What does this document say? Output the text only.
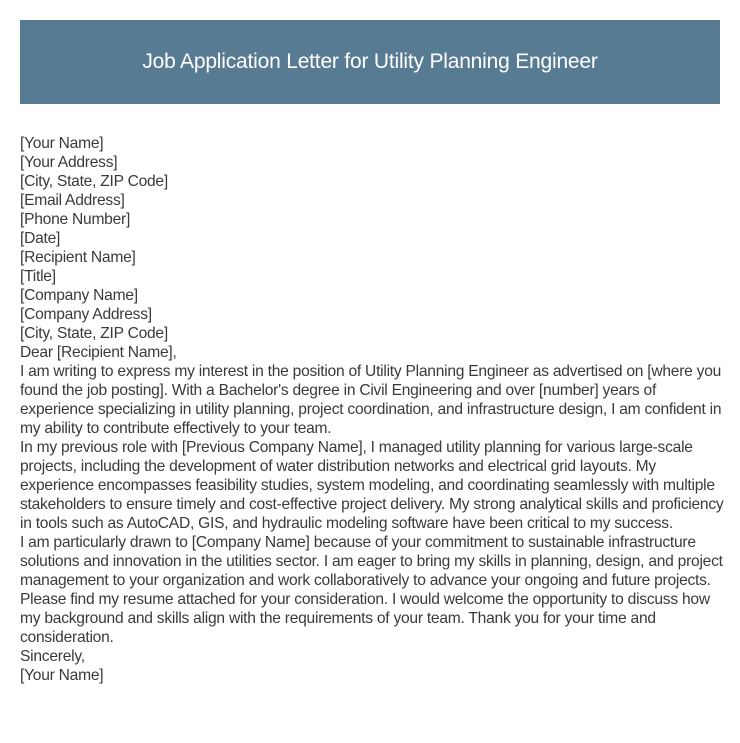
Job Application Letter for Utility Planning Engineer
[Your Name]
[Your Address]
[City, State, ZIP Code]
[Email Address]
[Phone Number]
[Date]
[Recipient Name]
[Title]
[Company Name]
[Company Address]
[City, State, ZIP Code]
Dear [Recipient Name],

I am writing to express my interest in the position of Utility Planning Engineer as advertised on [where you found the job posting]. With a Bachelor's degree in Civil Engineering and over [number] years of experience specializing in utility planning, project coordination, and infrastructure design, I am confident in my ability to contribute effectively to your team.

In my previous role with [Previous Company Name], I managed utility planning for various large-scale projects, including the development of water distribution networks and electrical grid layouts. My experience encompasses feasibility studies, system modeling, and coordinating seamlessly with multiple stakeholders to ensure timely and cost-effective project delivery. My strong analytical skills and proficiency in tools such as AutoCAD, GIS, and hydraulic modeling software have been critical to my success.

I am particularly drawn to [Company Name] because of your commitment to sustainable infrastructure solutions and innovation in the utilities sector. I am eager to bring my skills in planning, design, and project management to your organization and work collaboratively to advance your ongoing and future projects.

Please find my resume attached for your consideration. I would welcome the opportunity to discuss how my background and skills align with the requirements of your team. Thank you for your time and consideration.

Sincerely,
[Your Name]
